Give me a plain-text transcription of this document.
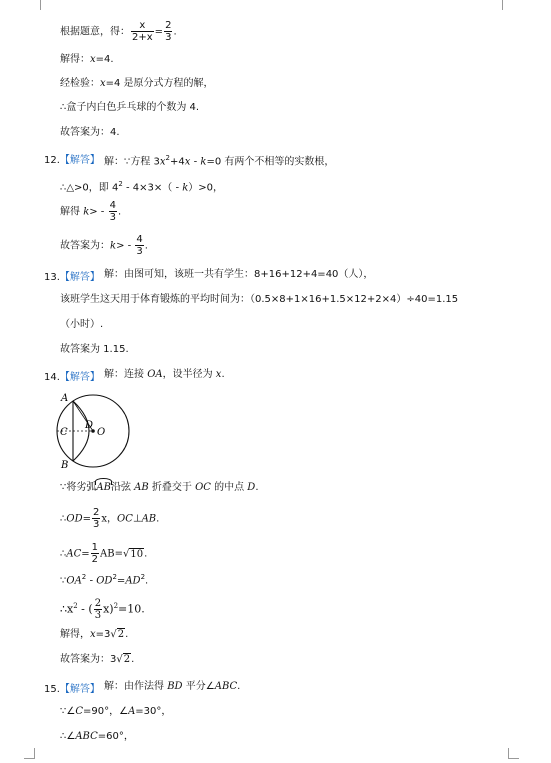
根据题意，得： $\frac{x}{2+x} = \frac{2}{3}$ .
解得：x=4.
经检验：x=4 是原分式方程的解，
∴盒子内白色乒乓球的个数为 4.
故答案为：4.
12.【解答】 解：∵方程 $3x^2+4x - k=0$ 有两个不相等的实数根，
∴△>0，即 $4^2 - 4\times 3\times( - k)>0$，
解得 $k> - \frac{4}{3}$ .
故答案为：$k> - \frac{4}{3}$ .
13.【解答】 解：由图可知，该班一共有学生：8+16+12+4=40（人），
该班学生这天用于体育锻炼的平均时间为：（0.5×8+1×16+1.5×12+2×4）÷40=1.15
（小时）.
故答案为 1.15.
14.【解答】 解：连接 OA，设半径为 x.
A
C
B
D
O
∵将劣弧AB沿弦 AB 折叠交于 OC 的中点 D.
∴OD= $\frac{2}{3}$ x，OC⊥AB.
∴AC= $\frac{1}{2} AB=√10$.
$\because OA^2 - OD^2=AD^2$.
$\therefore x^2$ - ( $\frac{2}{3} x)^2=10$.
解得，x=3√2.
故答案为：3√2.
15.【解答】 解：由作法得 BD 平分∠ABC.
∵∠C=90°，∠A=30°，
∴∠ABC=60°，
